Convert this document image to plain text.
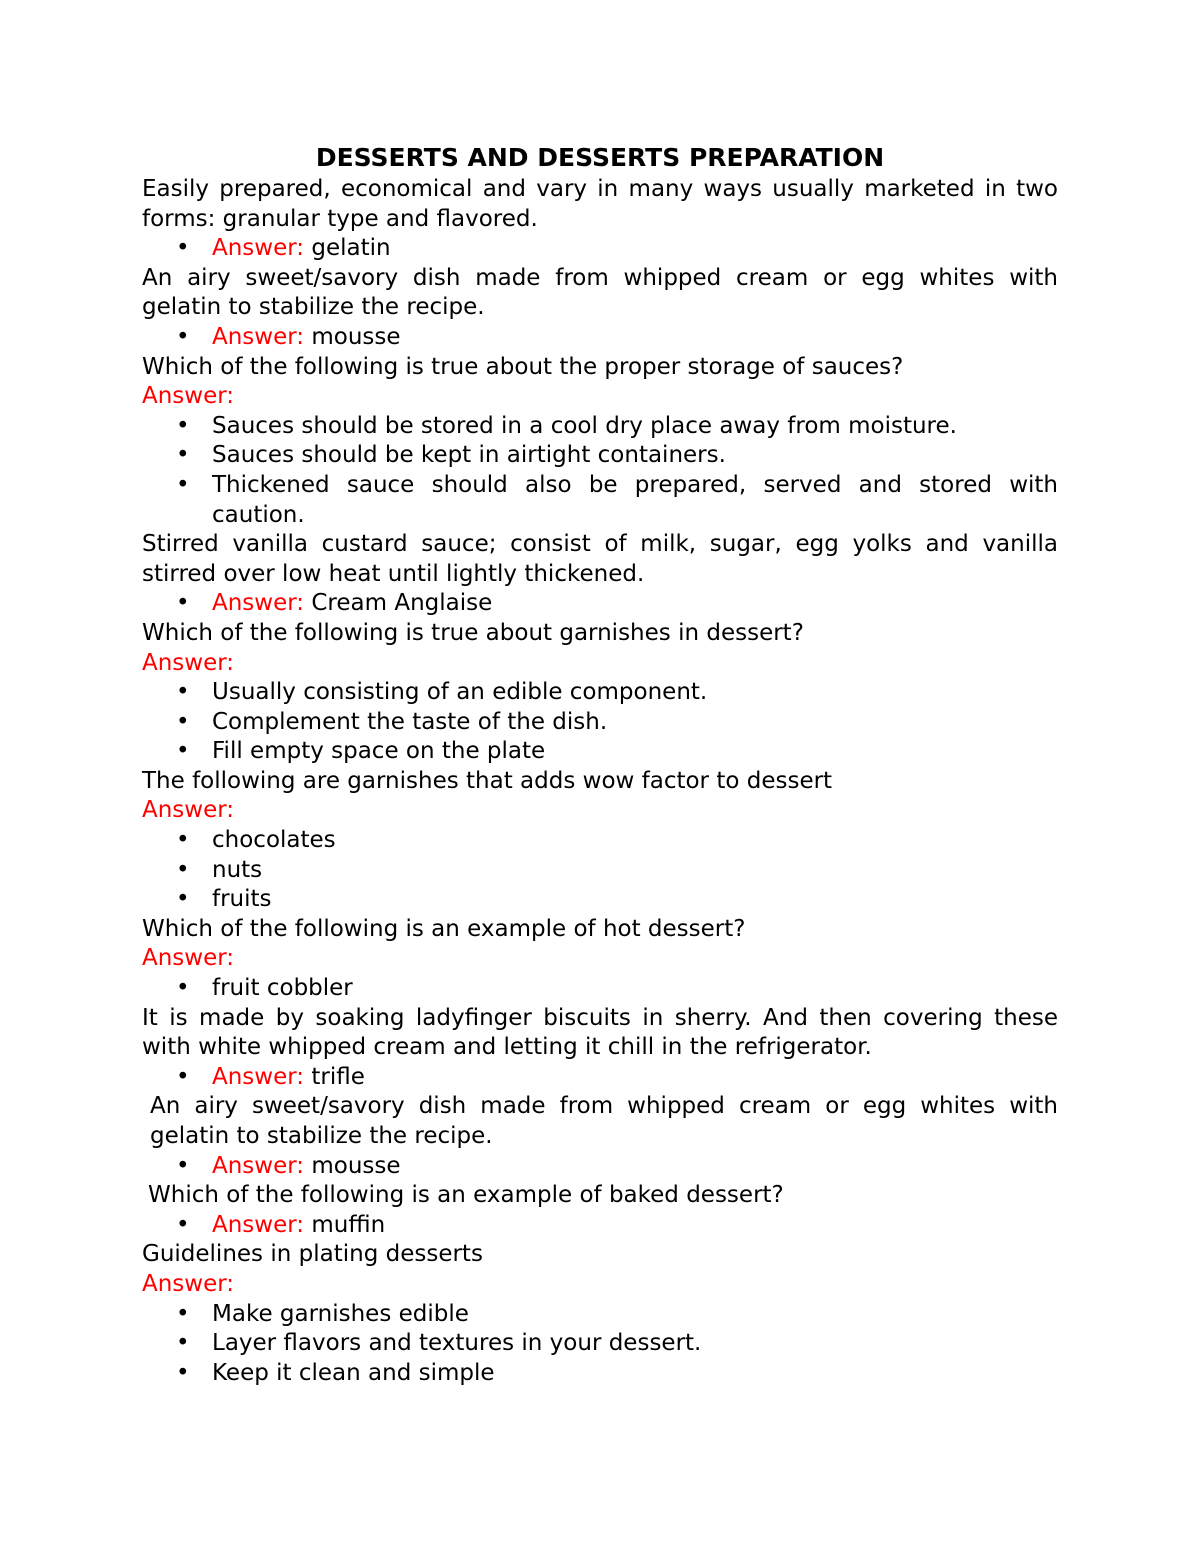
DESSERTS AND DESSERTS PREPARATION

Easily prepared, economical and vary in many ways usually marketed in two forms: granular type and flavored.

• Answer: gelatin

An airy sweet/savory dish made from whipped cream or egg whites with gelatin to stabilize the recipe.

• Answer: mousse

Which of the following is true about the proper storage of sauces?

Answer:

• Sauces should be stored in a cool dry place away from moisture.
• Sauces should be kept in airtight containers.
• Thickened sauce should also be prepared, served and stored with caution.

Stirred vanilla custard sauce; consist of milk, sugar, egg yolks and vanilla stirred over low heat until lightly thickened.

• Answer: Cream Anglaise

Which of the following is true about garnishes in dessert?

Answer:

• Usually consisting of an edible component.
• Complement the taste of the dish.
• Fill empty space on the plate

The following are garnishes that adds wow factor to dessert

Answer:

• chocolates
• nuts
• fruits

Which of the following is an example of hot dessert?

Answer:

• fruit cobbler

It is made by soaking ladyfinger biscuits in sherry. And then covering these with white whipped cream and letting it chill in the refrigerator.

• Answer: trifle

An airy sweet/savory dish made from whipped cream or egg whites with gelatin to stabilize the recipe.

• Answer: mousse

Which of the following is an example of baked dessert?

• Answer: muffin

Guidelines in plating desserts

Answer:

• Make garnishes edible
• Layer flavors and textures in your dessert.
• Keep it clean and simple
